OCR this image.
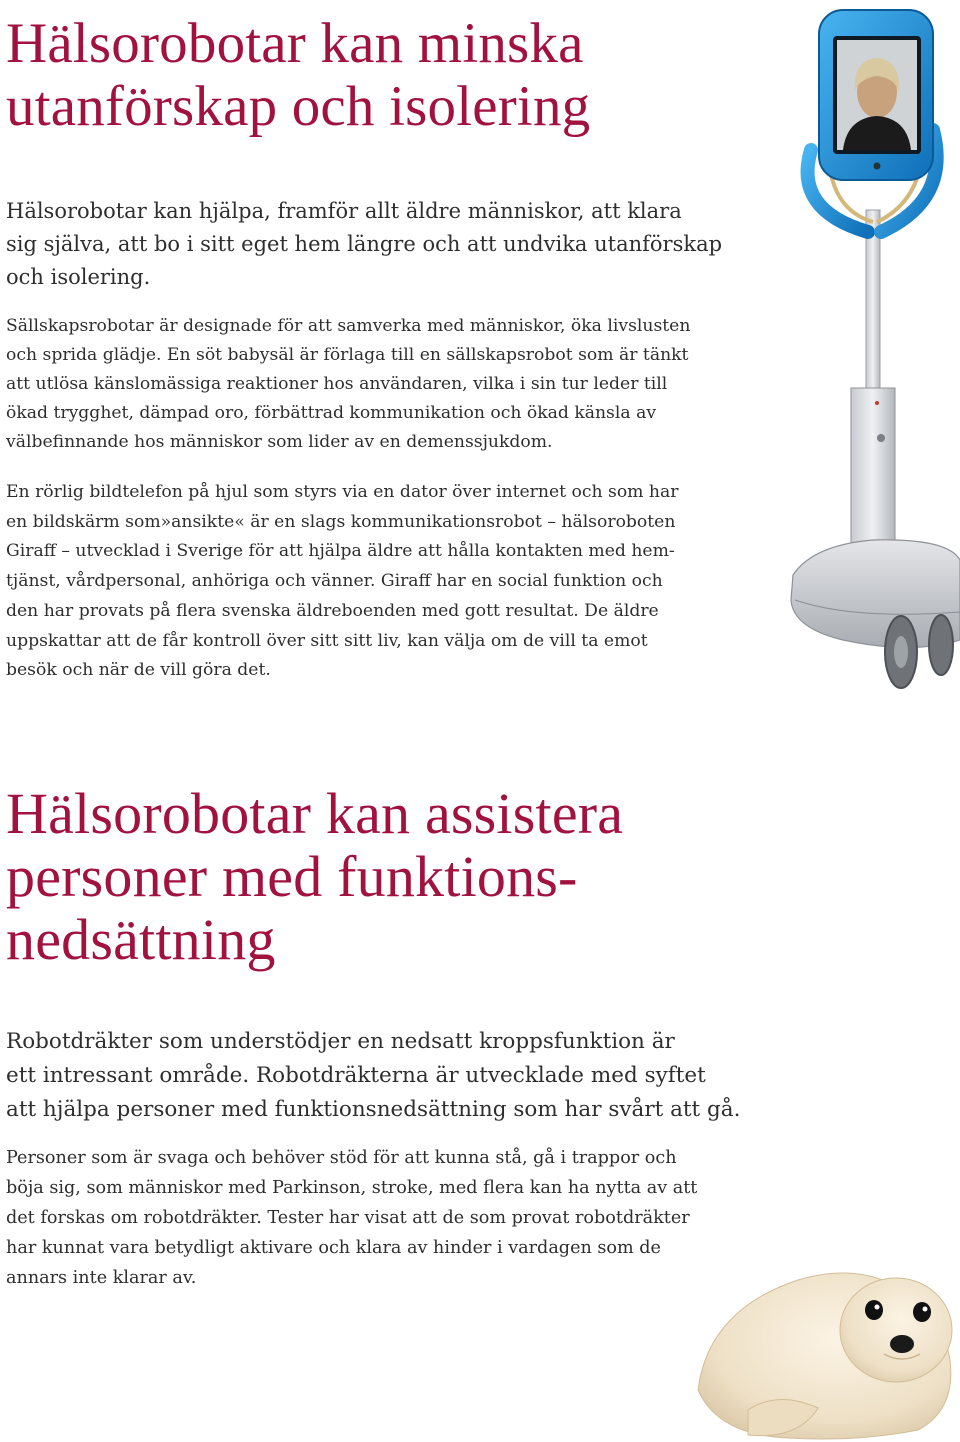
Hälsorobotar kan minska
utanförskap och isolering

Hälsorobotar kan hjälpa, framför allt äldre människor, att klara
sig själva, att bo i sitt eget hem längre och att undvika utanförskap
och isolering.

Sällskapsrobotar är designade för att samverka med människor, öka livslusten
och sprida glädje. En söt babysäl är förlaga till en sällskapsrobot som är tänkt
att utlösa känslomässiga reaktioner hos användaren, vilka i sin tur leder till
ökad trygghet, dämpad oro, förbättrad kommunikation och ökad känsla av
välbefinnande hos människor som lider av en demenssjukdom.

En rörlig bildtelefon på hjul som styrs via en dator över internet och som har
en bildskärm som»ansikte« är en slags kommunikationsrobot – hälsoroboten
Giraff – utvecklad i Sverige för att hjälpa äldre att hålla kontakten med hem-
tjänst, vårdpersonal, anhöriga och vänner. Giraff har en social funktion och
den har provats på flera svenska äldreboenden med gott resultat. De äldre
uppskattar att de får kontroll över sitt sitt liv, kan välja om de vill ta emot
besök och när de vill göra det.

Hälsorobotar kan assistera
personer med funktions-
nedsättning

Robotdräkter som understödjer en nedsatt kroppsfunktion är
ett intressant område. Robotdräkterna är utvecklade med syftet
att hjälpa personer med funktionsnedsättning som har svårt att gå.

Personer som är svaga och behöver stöd för att kunna stå, gå i trappor och
böja sig, som människor med Parkinson, stroke, med flera kan ha nytta av att
det forskas om robotdräkter. Tester har visat att de som provat robotdräkter
har kunnat vara betydligt aktivare och klara av hinder i vardagen som de
annars inte klarar av.
